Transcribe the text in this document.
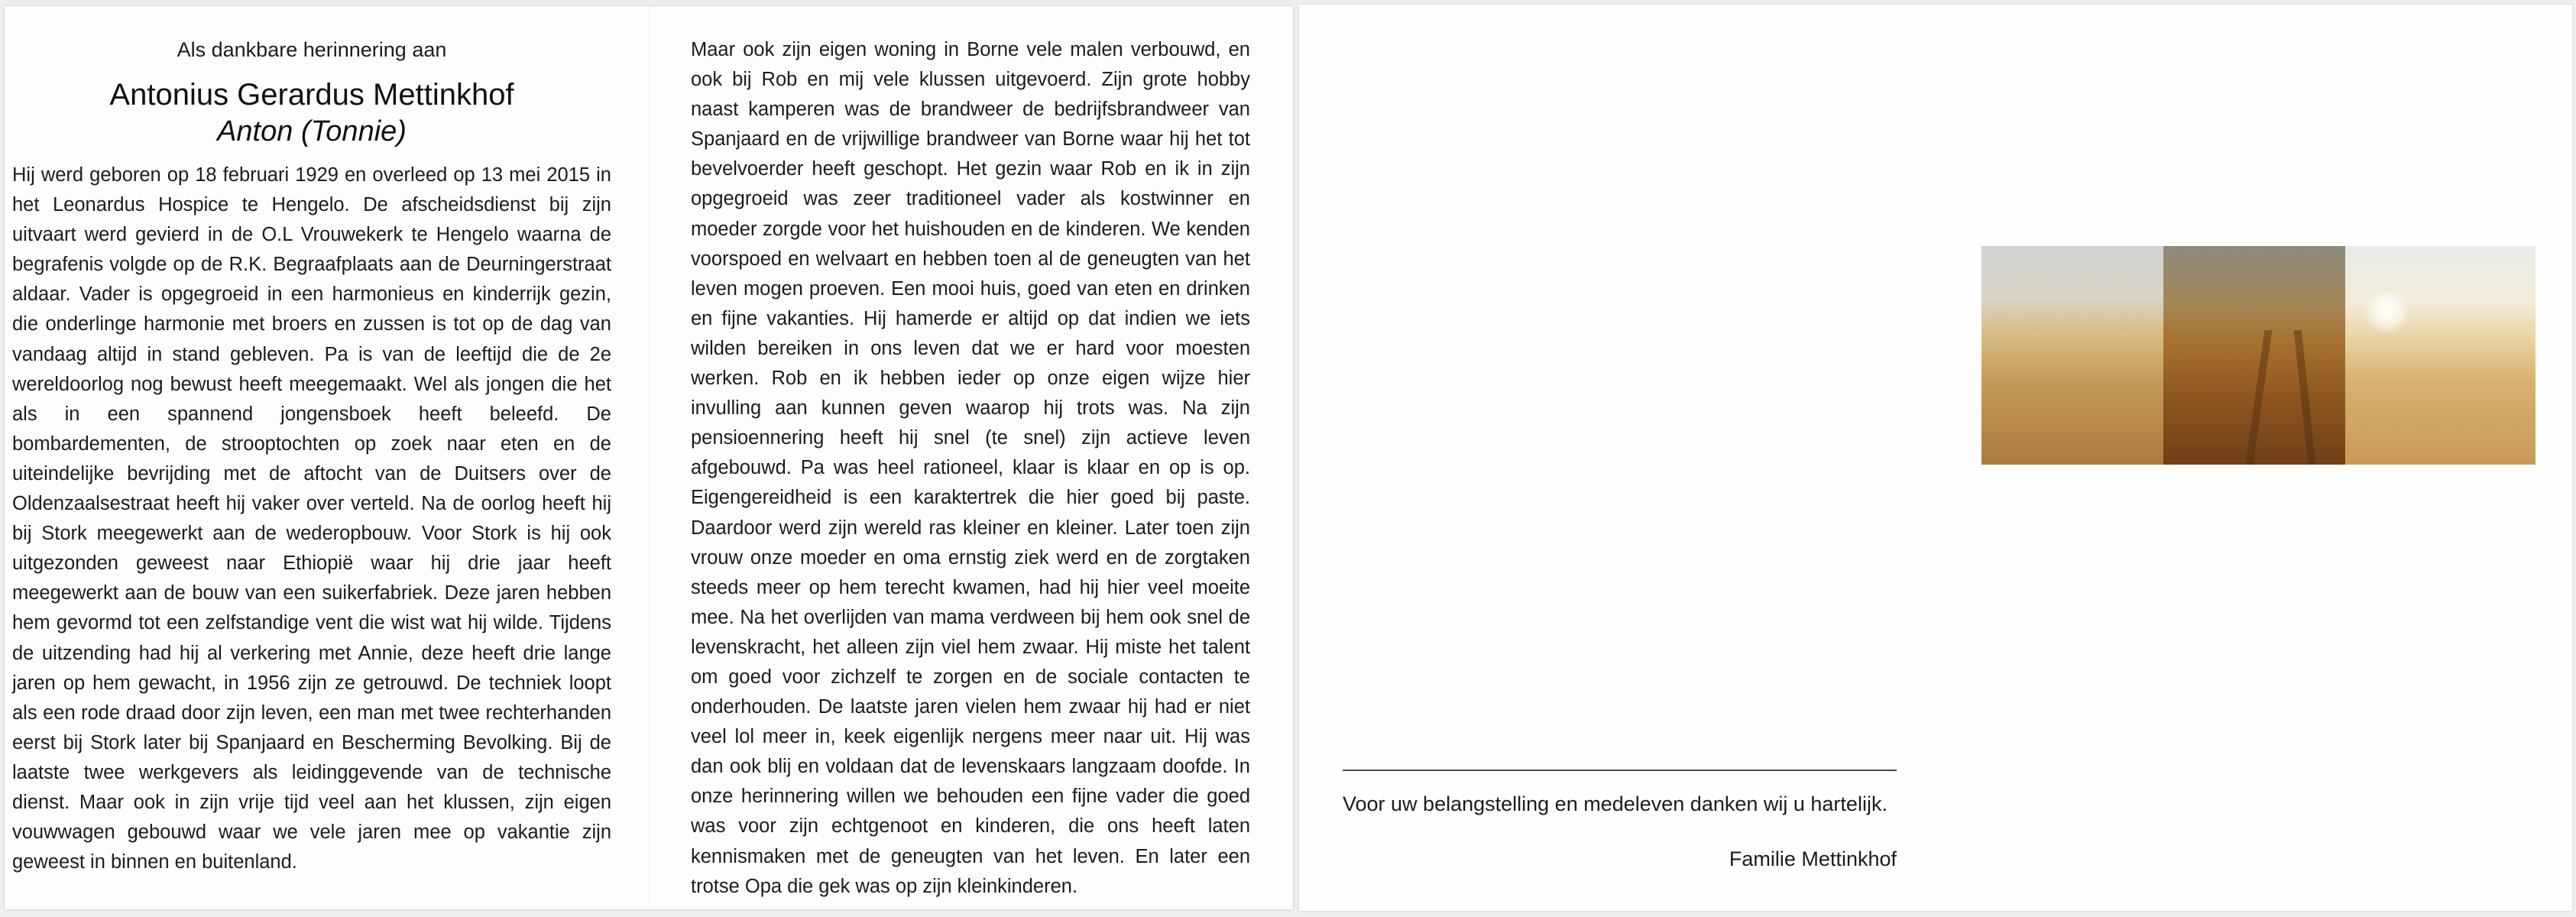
Als dankbare herinnering aan

Antonius Gerardus Mettinkhof

Anton (Tonnie)

Hij werd geboren op 18 februari 1929 en overleed op 13 mei 2015 in het Leonardus Hospice te Hengelo. De afscheidsdienst bij zijn uitvaart werd gevierd in de O.L Vrouwekerk te Hengelo waarna de begrafenis volgde op de R.K. Begraafplaats aan de Deurningerstraat aldaar. Vader is opgegroeid in een harmonieus en kinderrijk gezin, die onderlinge harmonie met broers en zussen is tot op de dag van vandaag altijd in stand gebleven. Pa is van de leeftijd die de 2e wereldoorlog nog bewust heeft meegemaakt. Wel als jongen die het als in een spannend jongensboek heeft beleefd. De bombardementen, de strooptochten op zoek naar eten en de uiteindelijke bevrijding met de aftocht van de Duitsers over de Oldenzaalsestraat heeft hij vaker over verteld. Na de oorlog heeft hij bij Stork meegewerkt aan de wederopbouw. Voor Stork is hij ook uitgezonden geweest naar Ethiopië waar hij drie jaar heeft meegewerkt aan de bouw van een suikerfabriek. Deze jaren hebben hem gevormd tot een zelfstandige vent die wist wat hij wilde. Tijdens de uitzending had hij al verkering met Annie, deze heeft drie lange jaren op hem gewacht, in 1956 zijn ze getrouwd. De techniek loopt als een rode draad door zijn leven, een man met twee rechterhanden eerst bij Stork later bij Spanjaard en Bescherming Bevolking. Bij de laatste twee werkgevers als leidinggevende van de technische dienst. Maar ook in zijn vrije tijd veel aan het klussen, zijn eigen vouwwagen gebouwd waar we vele jaren mee op vakantie zijn geweest in binnen en buitenland.

Maar ook zijn eigen woning in Borne vele malen verbouwd, en ook bij Rob en mij vele klussen uitgevoerd. Zijn grote hobby naast kamperen was de brandweer de bedrijfsbrandweer van Spanjaard en de vrijwillige brandweer van Borne waar hij het tot bevelvoerder heeft geschopt. Het gezin waar Rob en ik in zijn opgegroeid was zeer traditioneel vader als kostwinner en moeder zorgde voor het huishouden en de kinderen. We kenden voorspoed en welvaart en hebben toen al de geneugten van het leven mogen proeven. Een mooi huis, goed van eten en drinken en fijne vakanties. Hij hamerde er altijd op dat indien we iets wilden bereiken in ons leven dat we er hard voor moesten werken. Rob en ik hebben ieder op onze eigen wijze hier invulling aan kunnen geven waarop hij trots was. Na zijn pensioennering heeft hij snel (te snel) zijn actieve leven afgebouwd. Pa was heel rationeel, klaar is klaar en op is op. Eigengereidheid is een karaktertrek die hier goed bij paste. Daardoor werd zijn wereld ras kleiner en kleiner. Later toen zijn vrouw onze moeder en oma ernstig ziek werd en de zorgtaken steeds meer op hem terecht kwamen, had hij hier veel moeite mee. Na het overlijden van mama verdween bij hem ook snel de levenskracht, het alleen zijn viel hem zwaar. Hij miste het talent om goed voor zichzelf te zorgen en de sociale contacten te onderhouden. De laatste jaren vielen hem zwaar hij had er niet veel lol meer in, keek eigenlijk nergens meer naar uit. Hij was dan ook blij en voldaan dat de levenskaars langzaam doofde. In onze herinnering willen we behouden een fijne vader die goed was voor zijn echtgenoot en kinderen, die ons heeft laten kennismaken met de geneugten van het leven. En later een trotse Opa die gek was op zijn kleinkinderen.

Voor uw belangstelling en medeleven danken wij u hartelijk.

Familie Mettinkhof
